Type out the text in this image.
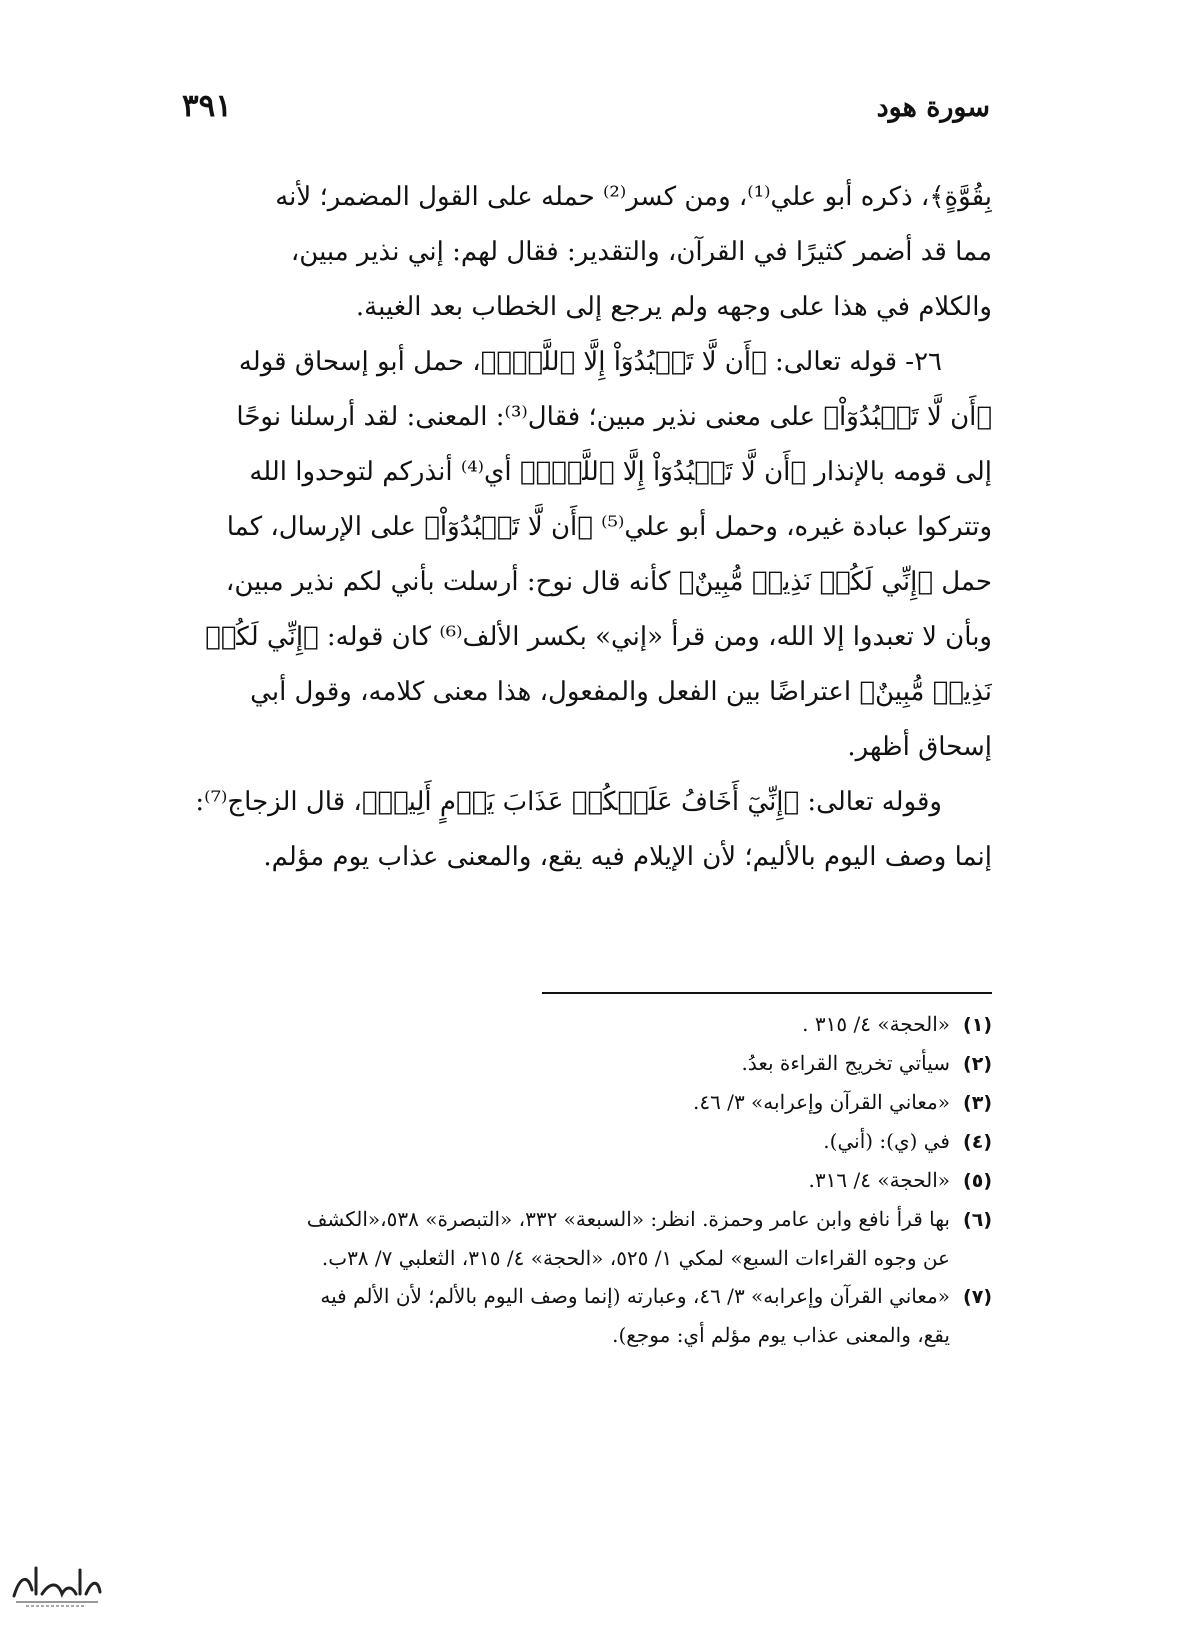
سورة هود
٣٩١
بِقُوَّةٍ﴾، ذكره أبو علي⁽¹⁾، ومن كسر⁽²⁾ حمله على القول المضمر؛ لأنه
مما قد أضمر كثيرًا في القرآن، والتقدير: فقال لهم: إني نذير مبين،
والكلام في هذا على وجهه ولم يرجع إلى الخطاب بعد الغيبة.
٢٦- قوله تعالى: ﴿أَن لَّا تَعۡبُدُوٓاْ إِلَّا ٱللَّهَۖ﴾، حمل أبو إسحاق قوله
﴿أَن لَّا تَعۡبُدُوٓاْ﴾ على معنى نذير مبين؛ فقال⁽³⁾: المعنى: لقد أرسلنا نوحًا
إلى قومه بالإنذار ﴿أَن لَّا تَعۡبُدُوٓاْ إِلَّا ٱللَّهَۖ﴾ أي⁽⁴⁾ أنذركم لتوحدوا الله
وتتركوا عبادة غيره، وحمل أبو علي⁽⁵⁾ ﴿أَن لَّا تَعۡبُدُوٓاْ﴾ على الإرسال، كما
حمل ﴿إِنِّي لَكُمۡ نَذِيرٞ مُّبِينٌ﴾ كأنه قال نوح: أرسلت بأني لكم نذير مبين،
وبأن لا تعبدوا إلا الله، ومن قرأ «إني» بكسر الألف⁽⁶⁾ كان قوله: ﴿إِنِّي لَكُمۡ
نَذِيرٞ مُّبِينٌ﴾ اعتراضًا بين الفعل والمفعول، هذا معنى كلامه، وقول أبي
إسحاق أظهر.
وقوله تعالى: ﴿إِنِّيٓ أَخَافُ عَلَيۡكُمۡ عَذَابَ يَوۡمٍ أَلِيمٖ﴾، قال الزجاج⁽⁷⁾:
إنما وصف اليوم بالأليم؛ لأن الإيلام فيه يقع، والمعنى عذاب يوم مؤلم.
(١)«الحجة» ٤/ ٣١٥ .
(٢)سيأتي تخريج القراءة بعدُ.
(٣)«معاني القرآن وإعرابه» ٣/ ٤٦.
(٤)في (ي): (أني).
(٥)«الحجة» ٤/ ٣١٦.
(٦)بها قرأ نافع وابن عامر وحمزة. انظر: «السبعة» ٣٣٢، «التبصرة» ٥٣٨،«الكشف
عن وجوه القراءات السبع» لمكي ١/ ٥٢٥، «الحجة» ٤/ ٣١٥، الثعلبي ٧/ ٣٨ب.
(٧)«معاني القرآن وإعرابه» ٣/ ٤٦، وعبارته (إنما وصف اليوم بالألم؛ لأن الألم فيه
يقع، والمعنى عذاب يوم مؤلم أي: موجع).
